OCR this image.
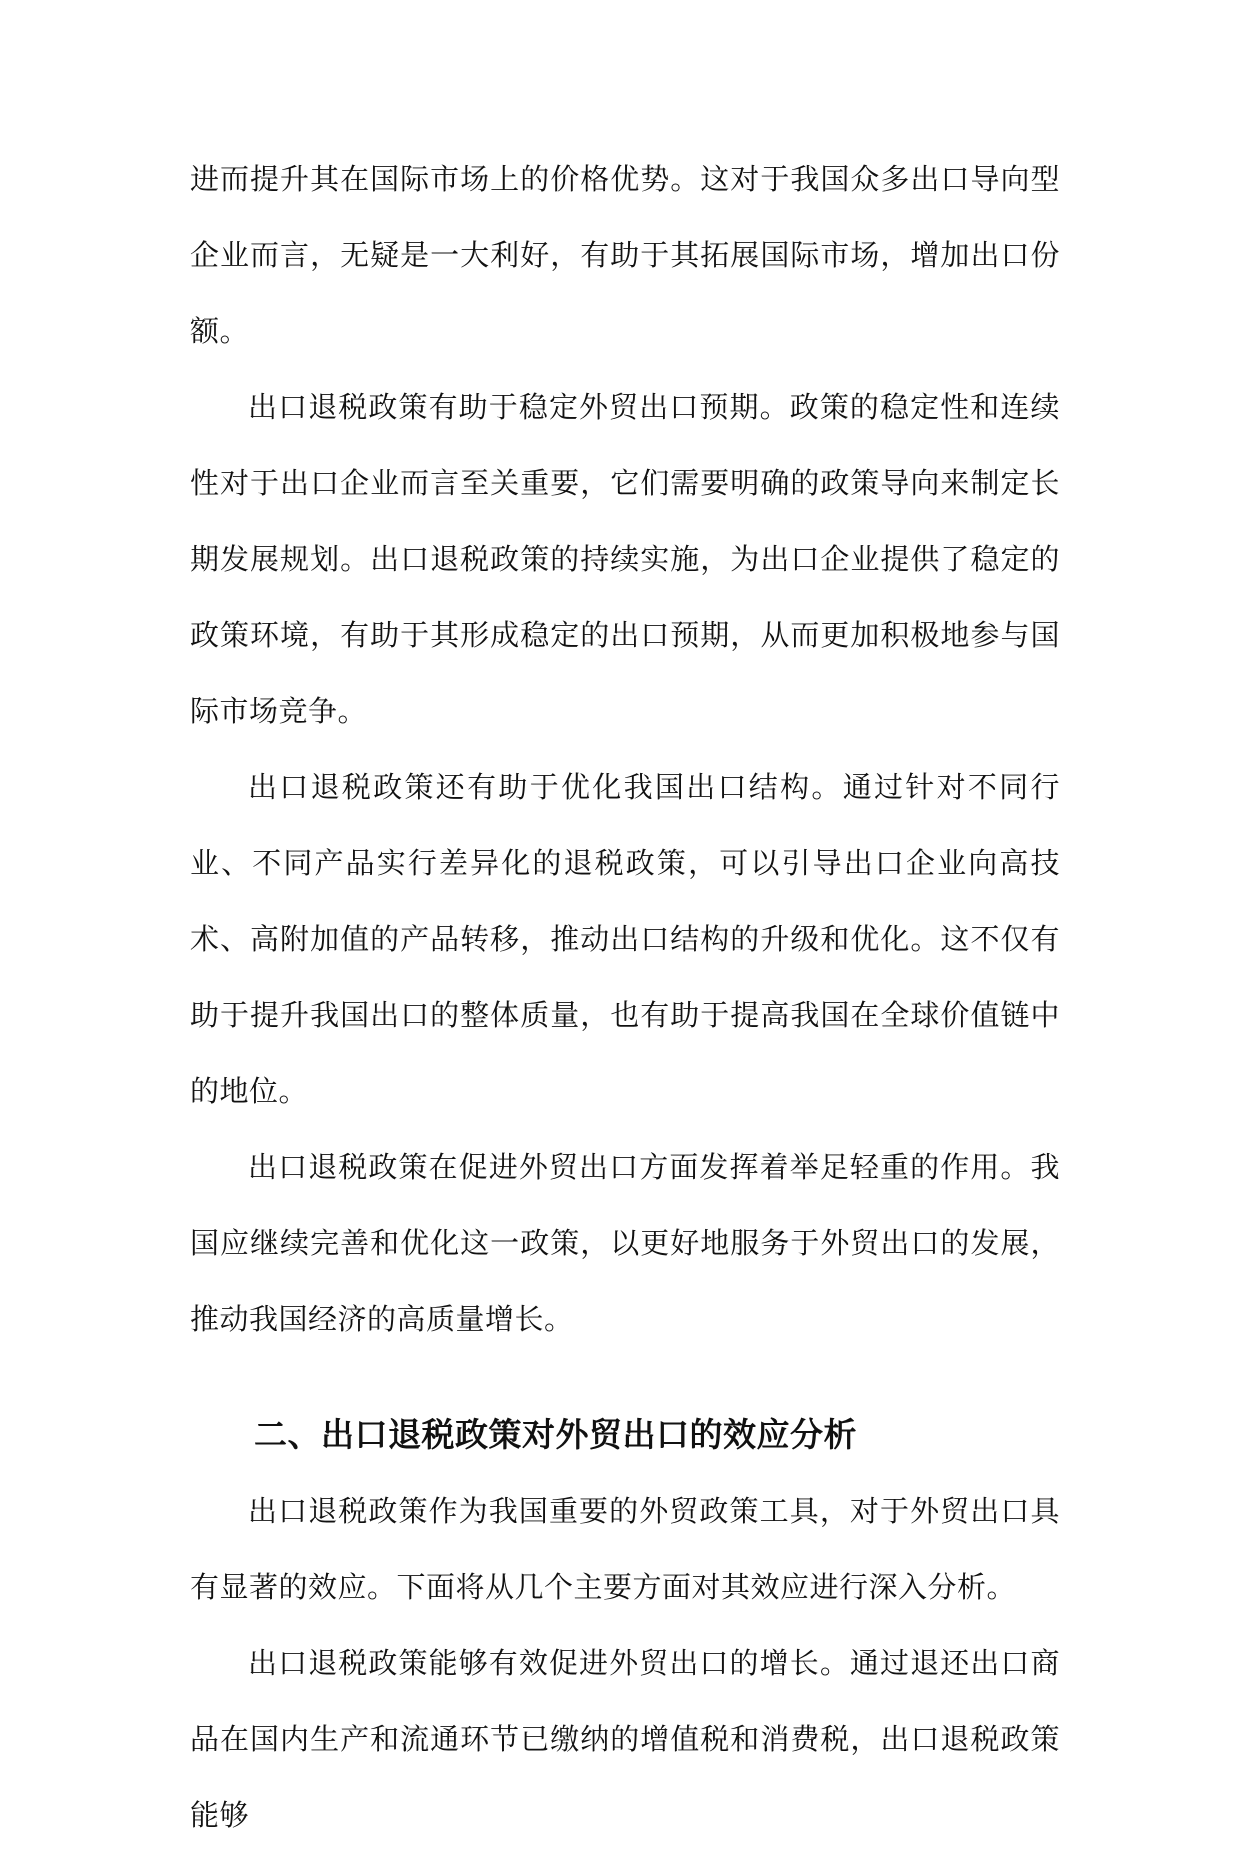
进而提升其在国际市场上的价格优势。这对于我国众多出口导向型企业而言，无疑是一大利好，有助于其拓展国际市场，增加出口份额。

出口退税政策有助于稳定外贸出口预期。政策的稳定性和连续性对于出口企业而言至关重要，它们需要明确的政策导向来制定长期发展规划。出口退税政策的持续实施，为出口企业提供了稳定的政策环境，有助于其形成稳定的出口预期，从而更加积极地参与国际市场竞争。

出口退税政策还有助于优化我国出口结构。通过针对不同行业、不同产品实行差异化的退税政策，可以引导出口企业向高技术、高附加值的产品转移，推动出口结构的升级和优化。这不仅有助于提升我国出口的整体质量，也有助于提高我国在全球价值链中的地位。

出口退税政策在促进外贸出口方面发挥着举足轻重的作用。我国应继续完善和优化这一政策，以更好地服务于外贸出口的发展，推动我国经济的高质量增长。

二、出口退税政策对外贸出口的效应分析

出口退税政策作为我国重要的外贸政策工具，对于外贸出口具有显著的效应。下面将从几个主要方面对其效应进行深入分析。

出口退税政策能够有效促进外贸出口的增长。通过退还出口商品在国内生产和流通环节已缴纳的增值税和消费税，出口退税政策能够
